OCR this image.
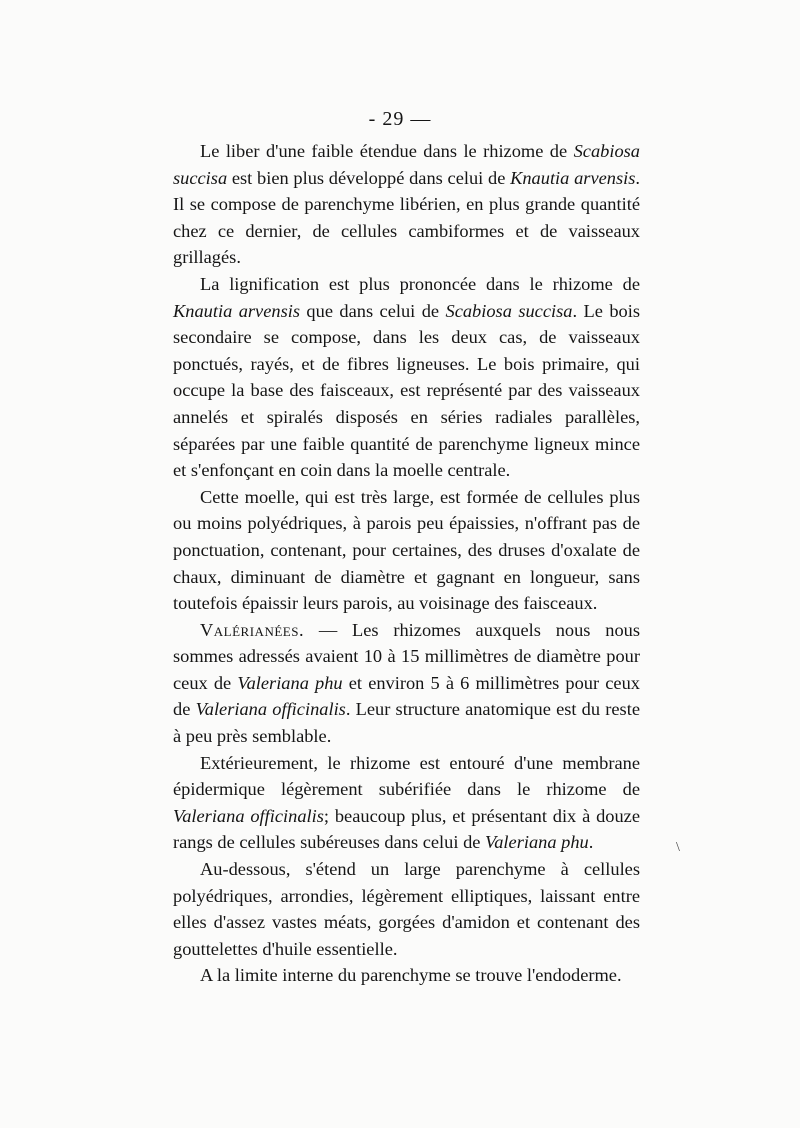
- 29 —

Le liber d'une faible étendue dans le rhizome de Scabiosa succisa est bien plus développé dans celui de Knautia arvensis. Il se compose de parenchyme libérien, en plus grande quantité chez ce dernier, de cellules cambiformes et de vaisseaux grillagés.

La lignification est plus prononcée dans le rhizome de Knautia arvensis que dans celui de Scabiosa succisa. Le bois secondaire se compose, dans les deux cas, de vaisseaux ponctués, rayés, et de fibres ligneuses. Le bois primaire, qui occupe la base des faisceaux, est représenté par des vaisseaux annelés et spiralés disposés en séries radiales parallèles, séparées par une faible quantité de parenchyme ligneux mince et s'enfonçant en coin dans la moelle centrale.

Cette moelle, qui est très large, est formée de cellules plus ou moins polyédriques, à parois peu épaissies, n'offrant pas de ponctuation, contenant, pour certaines, des druses d'oxalate de chaux, diminuant de diamètre et gagnant en longueur, sans toutefois épaissir leurs parois, au voisinage des faisceaux.

Valérianées. — Les rhizomes auxquels nous nous sommes adressés avaient 10 à 15 millimètres de diamètre pour ceux de Valeriana phu et environ 5 à 6 millimètres pour ceux de Valeriana officinalis. Leur structure anatomique est du reste à peu près semblable.

Extérieurement, le rhizome est entouré d'une membrane épidermique légèrement subérifiée dans le rhizome de Valeriana officinalis; beaucoup plus, et présentant dix à douze rangs de cellules subéreuses dans celui de Valeriana phu.

Au-dessous, s'étend un large parenchyme à cellules polyédriques, arrondies, légèrement elliptiques, laissant entre elles d'assez vastes méats, gorgées d'amidon et contenant des gouttelettes d'huile essentielle.

A la limite interne du parenchyme se trouve l'endoderme.

\
